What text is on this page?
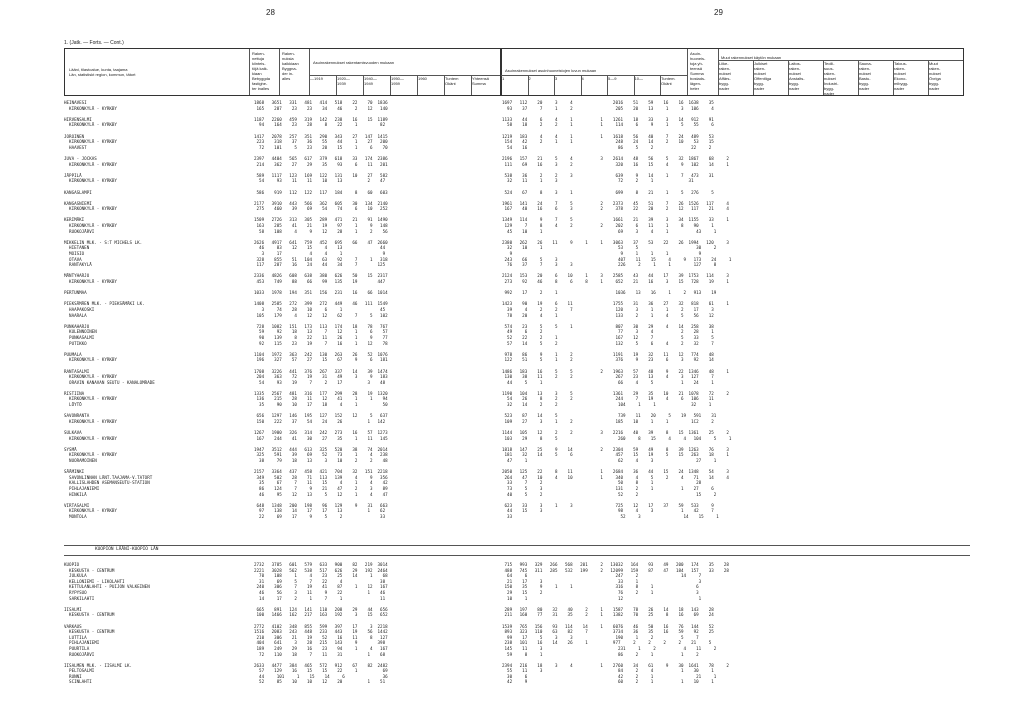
28
1. (Jatk. — Forts. — Cont.)
Lääni, tilastoalue, kunta, taajama
Län, statistiskt region, kommun, tätort
Raken-
nettuja
kiinteis-
töjä kaik-
kiaan
Bebyggda
fastighe-
ter inalles
Raken-
nuksia
kaikkiaan
Byggna-
der in-
alles

Asuinrakennukset rakentamisvuoden mukaan

—1919	1920—
1939
1940—
1949
1950—
1959
1960	Tuntem
Okänt
Yhteensä
Summa
HEINAVESI	1868   3651   331   481   414   518    22    70  1836
KIRKONKYLÄ - KYRKBY	165    287    23    23    34    46     2    12   140
HIRVENSALMI	1187   2260   459   319   142   238    16    15  1189
KIRKONKYLÄ - KYRKBY	94    164    23    28     8    22     1         82
JOROINEN	1417   2078   257   351   290   343    27   147  1415
KIRKONKYLÄ - KYRKBY	223    318    37    36    55    44     1    27   200
HAAVEST	72    101     5    23    20    15     1     6    70
JUVA - JOCKAS	2397   4404   565   617   379   618    33   174  2386
KIRKONKYLÄ - KYRKBY	214    362    27    29    35    93     6    11   201
JÄPPILÄ	589   1117   123   169   122   131    10    27   582
KIRKONKYLÄ - KYRKBY	54     93    11    11    10    13          2    47
KANGASLAMPI	586    919   112   122   117   184     8    60   603
KANGASNIEMI	2177   3910   443   566   362   605    30   134  2140
KIRKONKYLÄ - KYRKBY	275    460    39    69    54    74     6    10   252
KERIMÄKI	1509   2726   313   305   289   471    21    91  1490
KIRKONKYLÄ - KYRKBY	163    285    41    21    19    97     1     9   148
RUOKOJÄRVI	58    108     4     9    12    28     1     2    56
MIKKELIN MLK. - S:T MICHELS LK.	2626   4917   641   759   452   695    66    47  2660
HIETANEN	46     83    12    15     4    13               44
MOISIO	3     17           4     4     1                9
OTAVA	328    855    51   104    63    92     7     1   318
RANTAKYLÄ	117    287    16    24    44    34     7        125
MÄNTYHARJU	2336   4826   608   638   380   626    50    15  2317
KIRKONKYLÄ - KYRKBY	453    749    88    66    99   135    19        447
PERTUNMAA	1033   1978   194   351   156   231    16    66  1014
PIEKSÄMÄEN MLK. - PIEKSÄMÄKI LK.	1408   2585   272   399   272   449    46   111  1549
HAAPAKOSKI	3     74    28    10     6     1               45
NAARALA	105    179     4    12    12    62     7     5   102
PUNKAHARJU	728   1082   151   173   113   174    18    78   767
KULENNOINEN	59     92    18    13     7    12     1     6    57
PUNKASALMI	90    139     8    22    11    26     1     9    77
PUTIKKO	92    115    23    19     7    16     1    12    78
PUUMALA	1104   1972   363   242   130   263    26    52  1076
KIRKONKYLÄ - KYRKBY	196    327    57    27    15    67     9     6   181
RANTASALMI	1708   3226   441   376   267   337    14    39  1474
KIRKONKYLÄ - KYRKBY	204    363    72    19    31    49     3     9   183
ORAVIN KANAVAN SEUTU - KANALOMRADE	54     93    19     7     2    17          3    48
RISTIINA	1335   2567   481   316   177   299    28    19  1320
KIRKONKYLÄ - KYRKBY	136    215    28    11    12    41     1     1    94
LÖYTÖ	35     90    10    17    18     4     1          50
SAVONRANTA	656   1297   146   195   127   152    12     5   637
KIRKONKYLÄ - KYRKBY	150    222    37    54    24    26          1   142
SULKAVA	1267   1900   326   314   242   273    16    57  1273
KIRKONKYLÄ - KYRKBY	167    244    41    30    27    35     1    11   145
SYSMÄ	1947   3512   444   613   325   520    38    74  2014
KIRKONKYLÄ - KYRKBY	325    591    39    69    52    73     1     4   238
NUORAMOINEN	38     79    18    13     3    10     2     2    48
SÄÄMINKI	2157   3364   437   458   421   704    32   151  2218
SAVONLINNAN LÄNT.TAAJAMA-V.TATORT	349    502    28    71   113   139     4     9   356
KALLISLAHDEN ASEMANSEUTU-STATION	35     67     7    11    15     4     1     4    42
PIHLAJANIEMI	86    124     7     9    21    47     2     3    89
HINKILÄ	46     95    12    13     5    12     1     4    47
VIRTASALMI	648   1348   200   198    96   129     9    31   663
KIRKONKYLÄ - KYRKBY	97    138    14    17    17    13          1    62
MONTOLA	22     69    17     9     5     2               33
KUOPION LÄÄNI-KUOPIO LÄN
KUOPIO	2732   3785   601   579   633   900    82   219  3014
KESKUSTA - CENTRUM	2221   3028   562   538   517   626    29   192  2464
JULKULA	70    108     1     4    23    25    14     1    68
KELLONIEMI - LIKOLAHTI	31     69     5     7    22     4               38
KETTULANLAHTI - PUIJON VALKEINEN	240    306     7    19    41    87     1    12   167
RYPYSUO	46     56     3    11     9    22          1    46
SARKILAHTI	14     17     2     1     7     1               11
IISALMI	665    891   124   141   110   208    29    44   656
KESKUSTA - CENTRUM	100   1466   162   217   163   192     3    15   652
VARKAUS	2772   4102   348   855   599   397    17     3  2218
KESKUSTA - CENTRUM	1516   2083   243   448   233   443    19    56  1442
LUTTILA	210    306    21    19    52    16    11     8   127
PIHLAJANIEMI	404    641     3    28   215   143     9        398
PUURTILA	189    249    29    16    23    94     1     4   167
RUOKOJÄRVI	72    110    18     7    11    31          1    68
IISALMEN MLK. - IISALMI LK.	2633   4477   384   465   572   912    67    82  2482
PELTOSALMI	57    129    16    15    15    22     1          69
RUNNI	44     101     1    15    14     6               36
SCINLAHTI	52     85    10    10    12    20          1    51
29

Asuinrakennukset asuinhuoneistojen luvun mukaan

1	2	3	4	5—9	10—	Tuntem.
Okänt
Asuin-
huoneis-
toja yh-
teensä
Summa
bostads-
lägen-
heter

Muut rakennukset käytön mukaan

Liike-
raken-
nukset
Affärs-
bygg-
nader
Julkiset
raken-
nukset
Offentliga
bygg-
nader
Laitos-
raken-
nukset
Anstalts-
bygg-
nader
Teolli-
suus-
raken-
nukset
Industri-
bygg-
nader
Sauna-
raken-
nukset
Bastu-
bygg-
nader
Talous-
raken-
nukset
Ekono-
mibygg-
nader
Muut
raken-
nukset
Övriga
bygg-
nader
1697   112    20     3     4                2016    51    59    16    16  1638    35
93    37     7     1     2                 205    20    13     1     3   106     4
1133    44     6     4     1           1    1261    18    33     3    14   912    91
58    18     2     2     1           1     114     6     9     1     5    55     6
1219   183     4     4     1           1    1618    56    40     7    24   489    53
154    42     2     1     1                 248    24    14     2    10    53    15
54    16                                    86     5     2               22     2
2196   157    21     5     4           3    2614    48    56     5    32  1867    68     2
111    69    16     3     2                 320    16    15     4     9   102    14     1
538    36     2     2     3                 639     9    14     1     7   473    31
32    11     1     3                        72     2     1              31
524    67     8     3     1                 699     8    21     1     5   276     5
1961   141    24     7     5           2    2373    45    51     7    26  1526   117     4
167    40    16     6     3           2     378    22    20     2    12   117    21     4
1349   114     9     7     5                1661    21    39     3    34  1155    33     1
129     7     8     4     2           2     202     6    11     1     8    90     1
45    10     1                              69     3     4     1           43     1
2380   262    26    11     9     1     1    3063    37    53    22    26  1994   120     3
32    10     1                              53     5                       30     2
9                                           9     1     1     1            9
243    66     5     3                        407    11    15     4     9   173    24     1
76    37     7     3     3                  226     2     1     1         127     8
2124   153    20     6    10     1     3    2585    43    44    17    39  1753   114     3
273    92    46     8     6     8     1     652    21    16     3    15   728    19     1
992    17     2     1                       1036    13    16     1     2   913    19
1423    90    19     6    11                1755    31    36    27    32   818    61     1
39     4     2     2     7                 120     3     1     1     2    17     3
78    20     4     1                       133     2     1     4     5    56    12
574    23     5     5     1                 807    30    29     4    14   258    38
49     6     2                              77     3     4           2    28     1
52    22     2     1                       167    12     7           5    33     5
57    14     5     2                       132     5     6     4     2    32     7
978    86     9     1     2                1191    19    32    11    12   774    48
122    51     5     1     2                 376     9    23     6     3    92    14
1486   183    16     5     5           2    1963    57    48     9    22  1346    48     1
130    38    11     2     2                 267    23    13     4     3   127     7
44     5     1                              66     4     5           1    24     1
1190   104    13     3     5                1361    29    35    10    21  1078    72     2
54    26     8     2     2                 244     7    19     4     6   106    11
32    14     2     2                        104     1     1              32     1
523    87    14     5                        739    11    20     5    19   591    31
109    27     3     1     2                 185    10     1     1         1C2     2
1144   105    12     2     2           3    2216    40    39     8    15  1361    25     2
103    29     8     5                        260     8    15     4     4   104     5     1
1818   147    25     9    14           2    2304    59    49     8    39  1263    76     3
181    32    14     5     6                 457    15    19     5    15   263    18     1
47     1                                    62     4     3                 27     1
2050   125    22     8    11           1    2684    36    44    15    24  1348    54     3
264    47    10     4    10           1     340     4     5     2     4    71    14     4
33     7     2                              50     8     1                 28
73     5     3                             131     2     1           1    27     6
40     5     2                              52     2                       15     2
623    33     3     1     3                 725    12    17    37    59   533     9
44    15     3                              98     4     3           1    42     7
33                                           52     3                 14    15     1
715   993   329   266   568   201     2   13032   164    93    49   200   174    35    28
488   745   311   285   532   199     2   12099   159    87    47   184   157    33    28
64     6                                   247     2                 14     7
21    17     3                              33     1                        3
150    35     9     1     1                 316     8     1                 6
29    15     2                              76     2     1                 3
10     1                                    12                              1
289   197    80    32    40     2     1    1587    78    26    14    18   143    28
211   160    77    31    35     2     1    1382    70    25     8    16    69    24
1539   765   156    93   114    14     1    6076    46    50    16    76   144    52
893   323   110    63    82     7          3734    36    35    16    59    92    25
99    17     5     3     3                 190     1     2           5     7
238   101    16    14    26     1          977     2     2     2     2    21     5
145    11     3                              231     1     2           4    11     2
59     8     1                              86     2     1           1     2
2394   216    18     3     4           1    2760    34    61     9    30  1641    78     2
55    11     3                              84     2     4           1    30     1
30     6                                    42     2     1                 21     1
42     9                                    60     2     1           1    10     1
